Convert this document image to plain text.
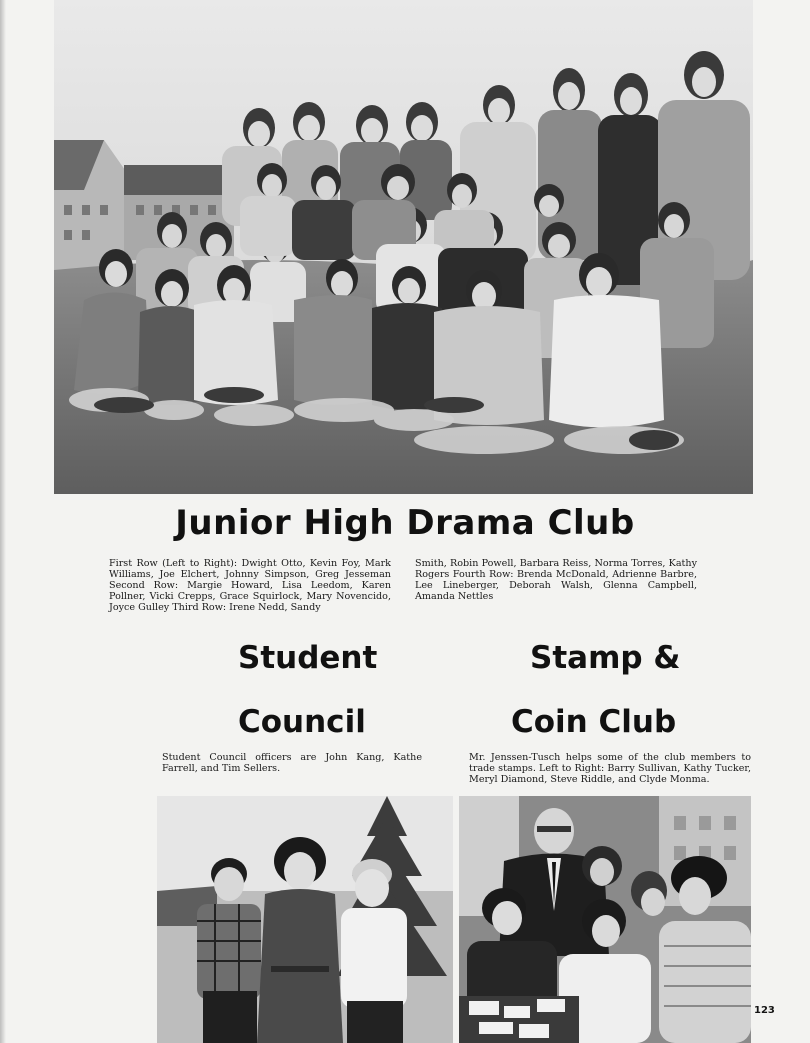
Junior High Drama Club

First Row (Left to Right): Dwight Otto, Kevin Foy, Mark Williams, Joe Elchert, Johnny Simpson, Greg Jesseman Second Row: Margie Howard, Lisa Leedom, Karen Pollner, Vicki Crepps, Grace Squirlock, Mary Novencido, Joyce Gulley Third Row: Irene Nedd, Sandy

Smith, Robin Powell, Barbara Reiss, Norma Torres, Kathy Rogers Fourth Row: Brenda McDonald, Adrienne Barbre, Lee Lineberger, Deborah Walsh, Glenna Campbell, Amanda Nettles

Student
Council
Stamp &
Coin Club

Student Council officers are John Kang, Kathe Farrell, and Tim Sellers.

Mr. Jenssen-Tusch helps some of the club members to trade stamps. Left to Right: Barry Sullivan, Kathy Tucker, Meryl Diamond, Steve Riddle, and Clyde Monma.

123
